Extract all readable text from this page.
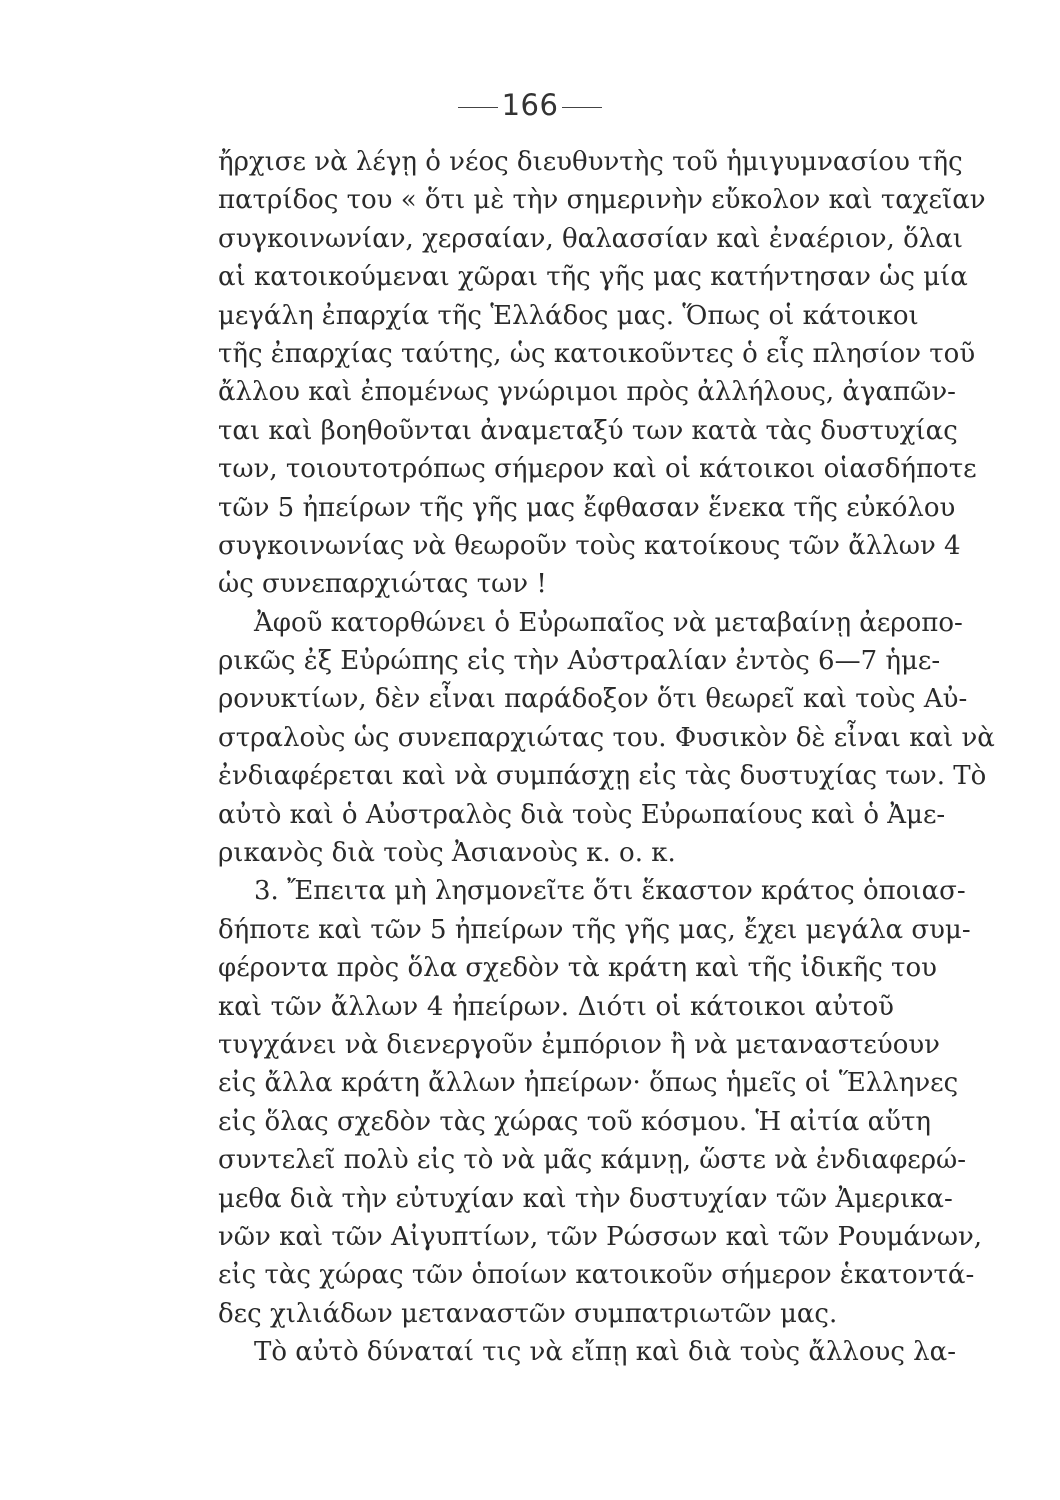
166
ἤρχισε νὰ λέγῃ ὁ νέος διευθυντὴς τοῦ ἡμιγυμνασίου τῆς
πατρίδος του « ὅτι μὲ τὴν σημερινὴν εὔκολον καὶ ταχεῖαν
συγκοινωνίαν, χερσαίαν, θαλασσίαν καὶ ἐναέριον, ὅλαι
αἱ κατοικούμεναι χῶραι τῆς γῆς μας κατήντησαν ὡς μία
μεγάλη ἐπαρχία τῆς Ἑλλάδος μας. Ὅπως οἱ κάτοικοι
τῆς ἐπαρχίας ταύτης, ὡς κατοικοῦντες ὁ εἷς πλησίον τοῦ
ἄλλου καὶ ἐπομένως γνώριμοι πρὸς ἀλλήλους, ἀγαπῶν-
ται καὶ βοηθοῦνται ἀναμεταξύ των κατὰ τὰς δυστυχίας
των, τοιουτοτρόπως σήμερον καὶ οἱ κάτοικοι οἱασδήποτε
τῶν 5 ἠπείρων τῆς γῆς μας ἔφθασαν ἕνεκα τῆς εὐκόλου
συγκοινωνίας νὰ θεωροῦν τοὺς κατοίκους τῶν ἄλλων 4
ὡς συνεπαρχιώτας των !
Ἀφοῦ κατορθώνει ὁ Εὐρωπαῖος νὰ μεταβαίνῃ ἀεροπο-
ρικῶς ἐξ Εὐρώπης εἰς τὴν Αὐστραλίαν ἐντὸς 6—7 ἡμε-
ρονυκτίων, δὲν εἶναι παράδοξον ὅτι θεωρεῖ καὶ τοὺς Αὐ-
στραλοὺς ὡς συνεπαρχιώτας του. Φυσικὸν δὲ εἶναι καὶ νὰ
ἐνδιαφέρεται καὶ νὰ συμπάσχῃ εἰς τὰς δυστυχίας των. Τὸ
αὐτὸ καὶ ὁ Αὐστραλὸς διὰ τοὺς Εὐρωπαίους καὶ ὁ Ἀμε-
ρικανὸς διὰ τοὺς Ἀσιανοὺς κ. ο. κ.
3. Ἔπειτα μὴ λησμονεῖτε ὅτι ἕκαστον κράτος ὁποιασ-
δήποτε καὶ τῶν 5 ἠπείρων τῆς γῆς μας, ἔχει μεγάλα συμ-
φέροντα πρὸς ὅλα σχεδὸν τὰ κράτη καὶ τῆς ἰδικῆς του
καὶ τῶν ἄλλων 4 ἠπείρων. Διότι οἱ κάτοικοι αὐτοῦ
τυγχάνει νὰ διενεργοῦν ἐμπόριον ἢ νὰ μεταναστεύουν
εἰς ἄλλα κράτη ἄλλων ἠπείρων· ὅπως ἡμεῖς οἱ Ἕλληνες
εἰς ὅλας σχεδὸν τὰς χώρας τοῦ κόσμου. Ἡ αἰτία αὕτη
συντελεῖ πολὺ εἰς τὸ νὰ μᾶς κάμνῃ, ὥστε νὰ ἐνδιαφερώ-
μεθα διὰ τὴν εὐτυχίαν καὶ τὴν δυστυχίαν τῶν Ἀμερικα-
νῶν καὶ τῶν Αἰγυπτίων, τῶν Ρώσσων καὶ τῶν Ρουμάνων,
εἰς τὰς χώρας τῶν ὁποίων κατοικοῦν σήμερον ἑκατοντά-
δες χιλιάδων μεταναστῶν συμπατριωτῶν μας.
Τὸ αὐτὸ δύναταί τις νὰ εἴπῃ καὶ διὰ τοὺς ἄλλους λα-
